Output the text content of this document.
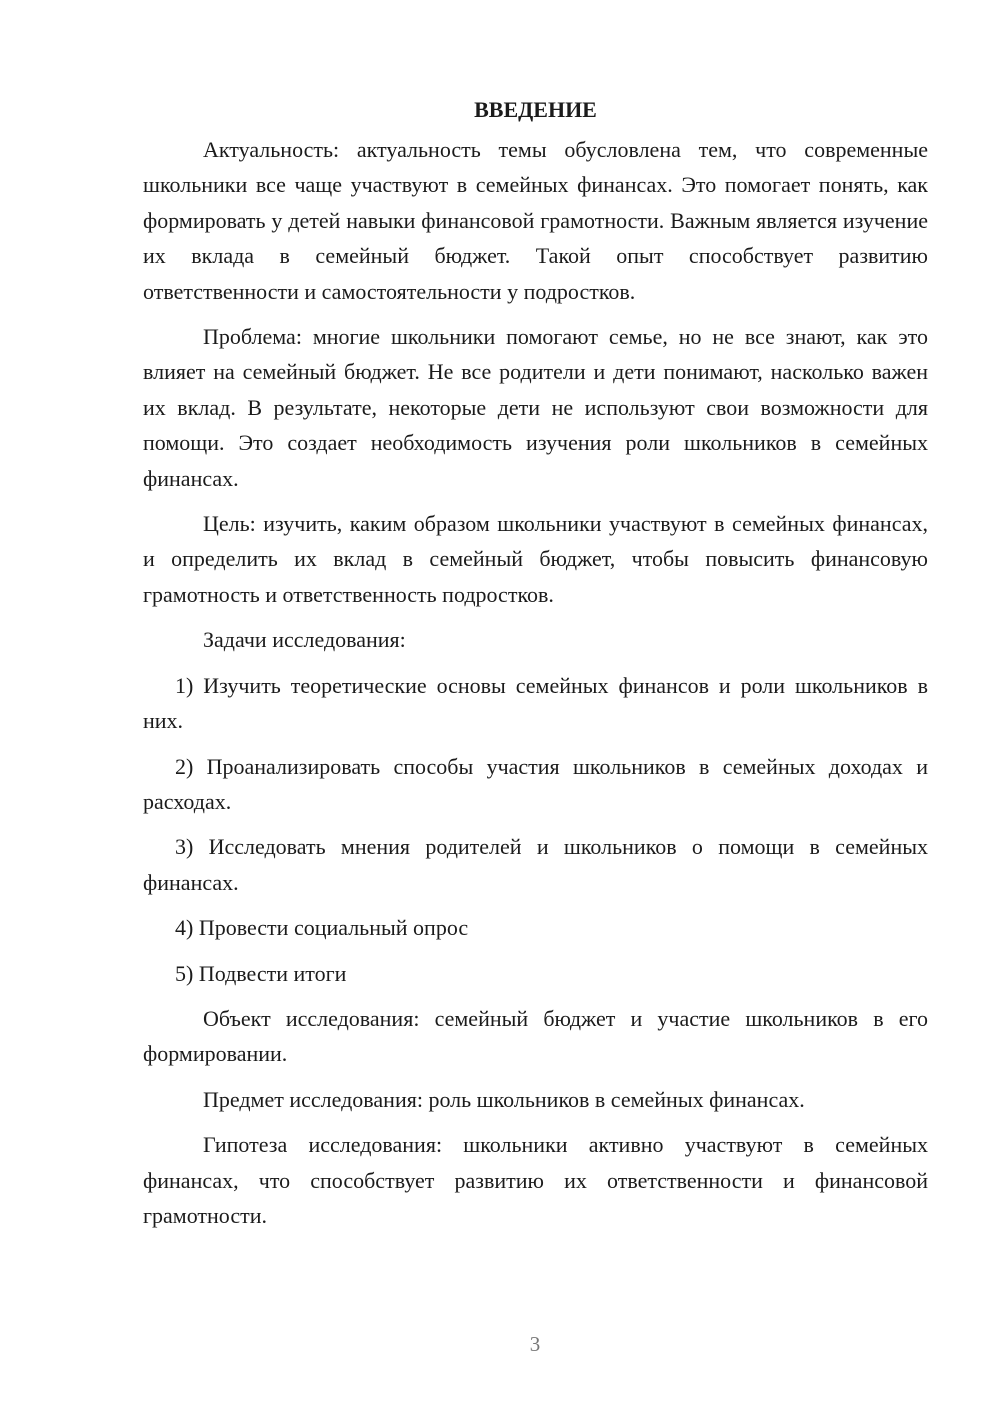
ВВЕДЕНИЕ

Актуальность: актуальность темы обусловлена тем, что современные школьники все чаще участвуют в семейных финансах. Это помогает понять, как формировать у детей навыки финансовой грамотности. Важным является изучение их вклада в семейный бюджет. Такой опыт способствует развитию ответственности и самостоятельности у подростков.

Проблема: многие школьники помогают семье, но не все знают, как это влияет на семейный бюджет. Не все родители и дети понимают, насколько важен их вклад. В результате, некоторые дети не используют свои возможности для помощи. Это создает необходимость изучения роли школьников в семейных финансах.

Цель: изучить, каким образом школьники участвуют в семейных финансах, и определить их вклад в семейный бюджет, чтобы повысить финансовую грамотность и ответственность подростков.

Задачи исследования:

1) Изучить теоретические основы семейных финансов и роли школьников в них.

2) Проанализировать способы участия школьников в семейных доходах и расходах.

3) Исследовать мнения родителей и школьников о помощи в семейных финансах.

4) Провести социальный опрос

5) Подвести итоги

Объект исследования: семейный бюджет и участие школьников в его формировании.

Предмет исследования: роль школьников в семейных финансах.

Гипотеза исследования: школьники активно участвуют в семейных финансах, что способствует развитию их ответственности и финансовой грамотности.

3
